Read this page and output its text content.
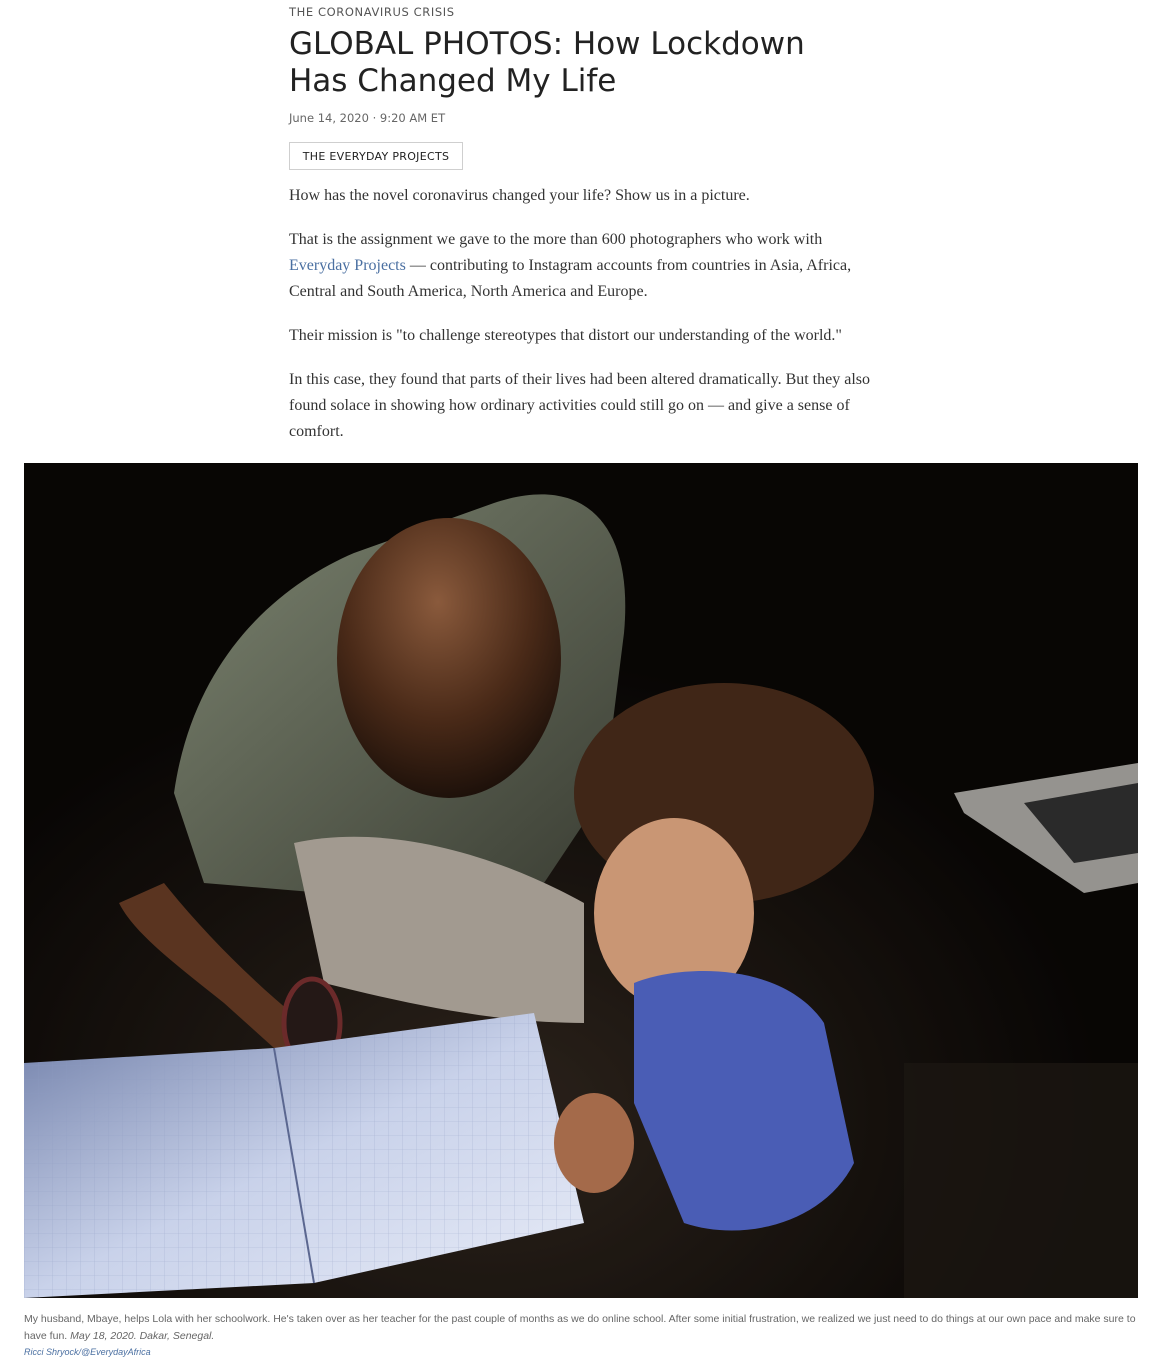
THE CORONAVIRUS CRISIS
GLOBAL PHOTOS: How Lockdown
Has Changed My Life
June 14, 2020 · 9:20 AM ET
THE EVERYDAY PROJECTS

How has the novel coronavirus changed your life? Show us in a picture.

That is the assignment we gave to the more than 600 photographers who work with Everyday Projects — contributing to Instagram accounts from countries in Asia, Africa, Central and South America, North America and Europe.

Their mission is "to challenge stereotypes that distort our understanding of the world."

In this case, they found that parts of their lives had been altered dramatically. But they also found solace in showing how ordinary activities could still go on — and give a sense of comfort.

My husband, Mbaye, helps Lola with her schoolwork. He's taken over as her teacher for the past couple of months as we do online school. After some initial frustration, we realized we just need to do things at our own pace and make sure to have fun. May 18, 2020. Dakar, Senegal.
Ricci Shryock/@EverydayAfrica
